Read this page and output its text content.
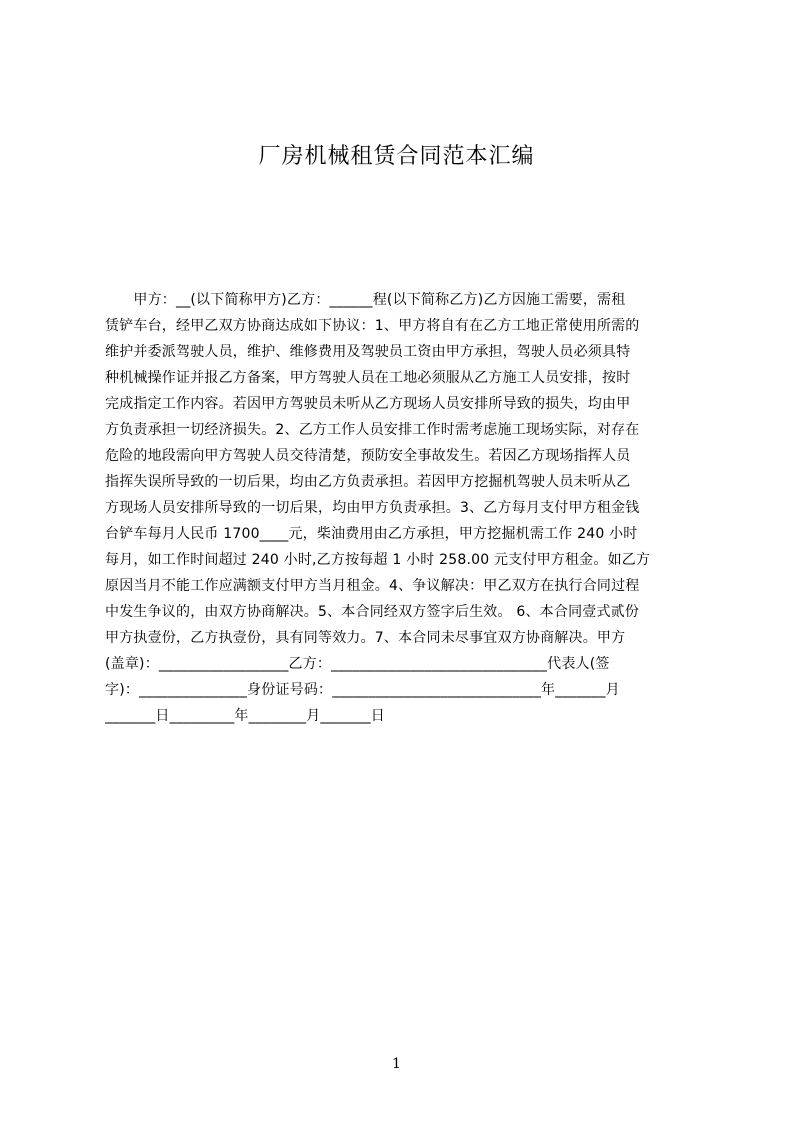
厂房机械租赁合同范本汇编
　　甲方：__(以下简称甲方)乙方：______程(以下简称乙方)乙方因施工需要，需租
赁铲车台，经甲乙双方协商达成如下协议：1、甲方将自有在乙方工地正常使用所需的
维护并委派驾驶人员，维护、维修费用及驾驶员工资由甲方承担，驾驶人员必须具特
种机械操作证并报乙方备案，甲方驾驶人员在工地必须服从乙方施工人员安排，按时
完成指定工作内容。若因甲方驾驶员未听从乙方现场人员安排所导致的损失，均由甲
方负责承担一切经济损失。2、乙方工作人员安排工作时需考虑施工现场实际，对存在
危险的地段需向甲方驾驶人员交待清楚，预防安全事故发生。若因乙方现场指挥人员
指挥失误所导致的一切后果，均由乙方负责承担。若因甲方挖掘机驾驶人员未听从乙
方现场人员安排所导致的一切后果，均由甲方负责承担。3、乙方每月支付甲方租金钱
台铲车每月人民币 1700____元，柴油费用由乙方承担，甲方挖掘机需工作 240 小时
每月，如工作时间超过 240 小时,乙方按每超 1 小时 258.00 元支付甲方租金。如乙方
原因当月不能工作应满额支付甲方当月租金。4、争议解决：甲乙双方在执行合同过程
中发生争议的，由双方协商解决。5、本合同经双方签字后生效。 6、本合同壹式贰份
甲方执壹份，乙方执壹份，具有同等效力。7、本合同未尽事宜双方协商解决。甲方
(盖章)：__________________乙方：______________________________代表人(签
字)：_______________身份证号码：_____________________________年_______月
_______日_________年________月_______日
1
